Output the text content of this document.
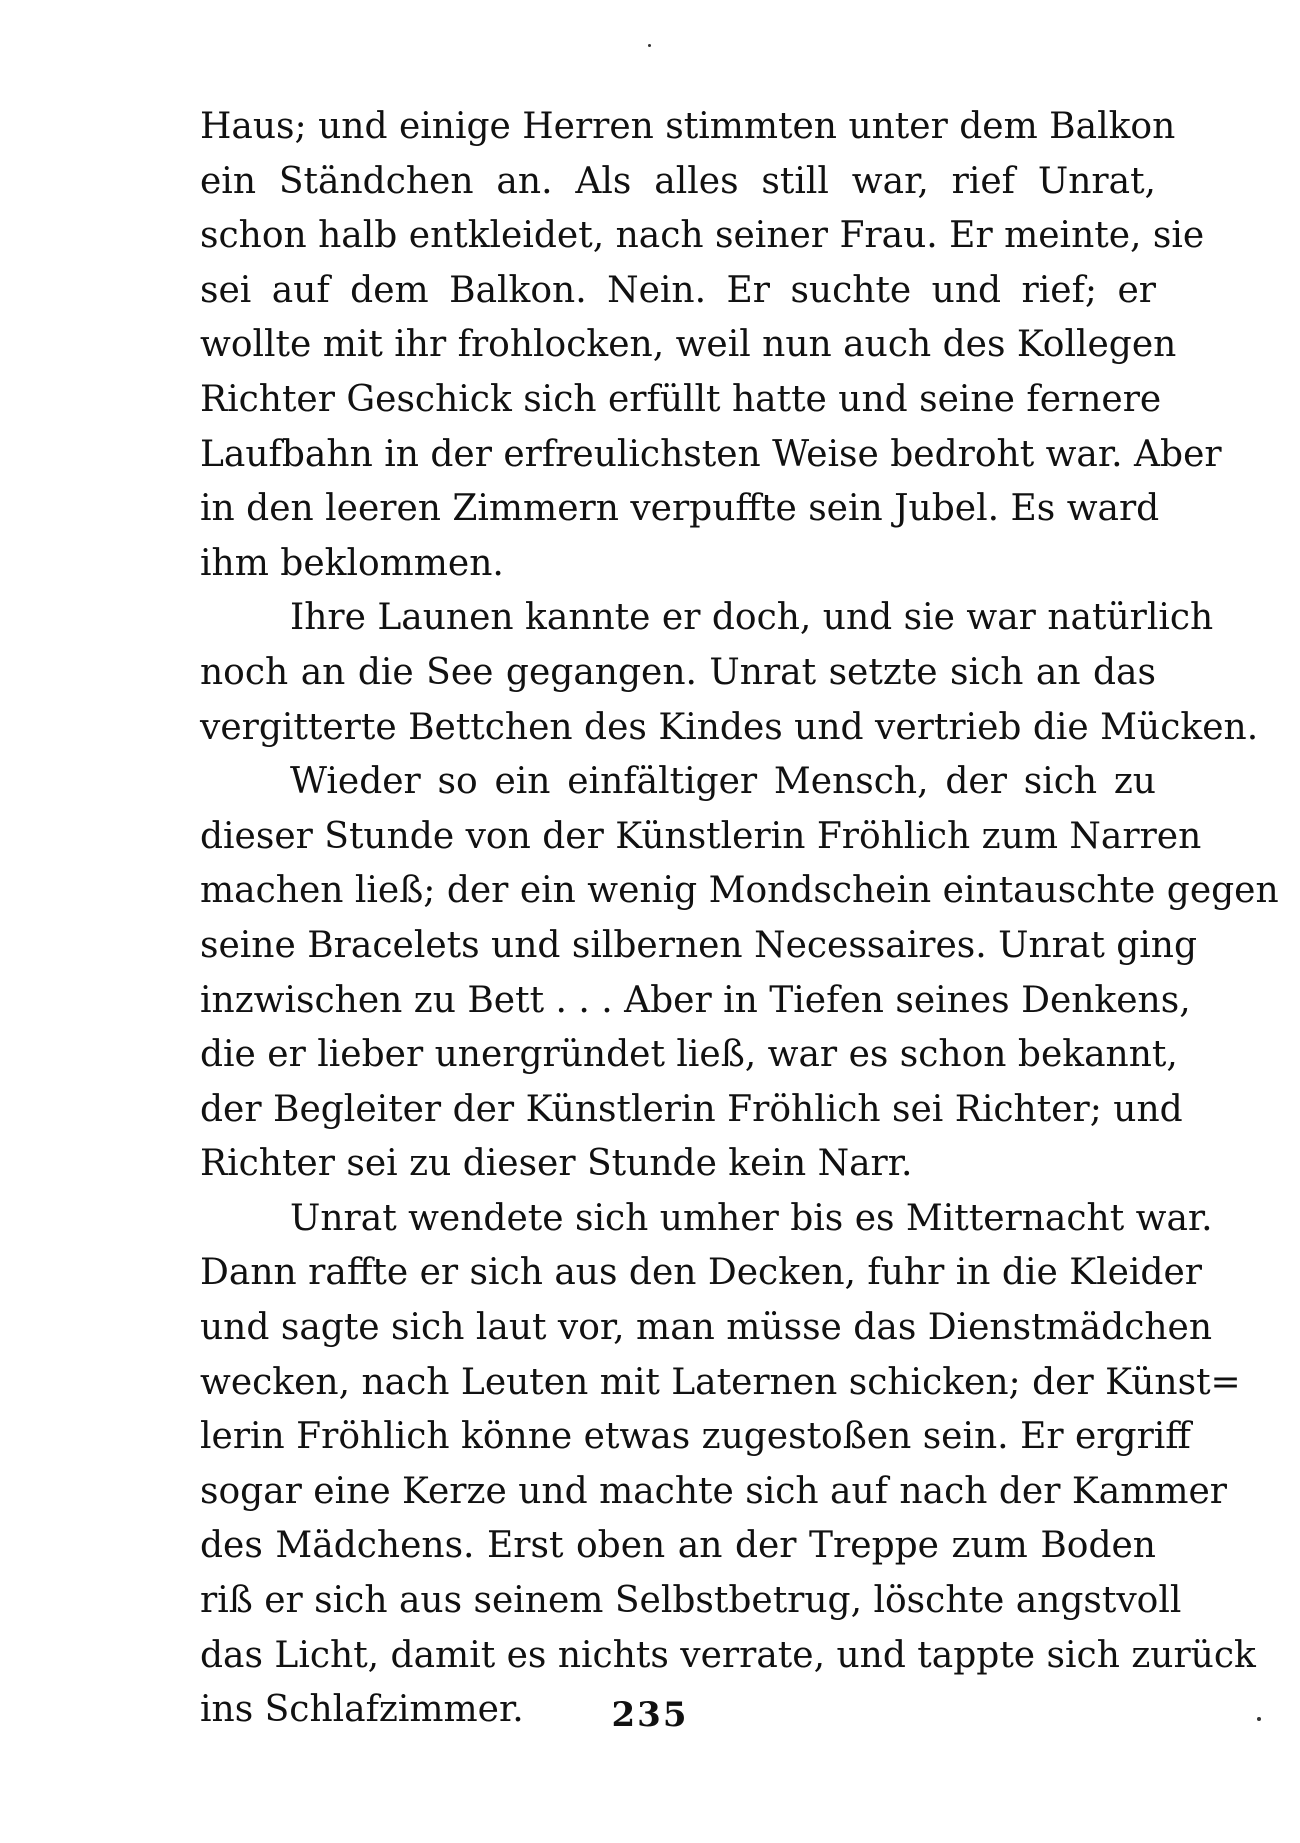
Haus; und einige Herren stimmten unter dem Balkon
ein Ständchen an. Als alles still war, rief Unrat,
schon halb entkleidet, nach seiner Frau. Er meinte, sie
sei auf dem Balkon. Nein. Er suchte und rief; er
wollte mit ihr frohlocken, weil nun auch des Kollegen
Richter Geschick sich erfüllt hatte und seine fernere
Laufbahn in der erfreulichsten Weise bedroht war. Aber
in den leeren Zimmern verpuffte sein Jubel. Es ward
ihm beklommen.
Ihre Launen kannte er doch, und sie war natürlich
noch an die See gegangen. Unrat setzte sich an das
vergitterte Bettchen des Kindes und vertrieb die Mücken.
Wieder so ein einfältiger Mensch, der sich zu
dieser Stunde von der Künstlerin Fröhlich zum Narren
machen ließ; der ein wenig Mondschein eintauschte gegen
seine Bracelets und silbernen Necessaires. Unrat ging
inzwischen zu Bett . . . Aber in Tiefen seines Denkens,
die er lieber unergründet ließ, war es schon bekannt,
der Begleiter der Künstlerin Fröhlich sei Richter; und
Richter sei zu dieser Stunde kein Narr.
Unrat wendete sich umher bis es Mitternacht war.
Dann raffte er sich aus den Decken, fuhr in die Kleider
und sagte sich laut vor, man müsse das Dienstmädchen
wecken, nach Leuten mit Laternen schicken; der Künst=
lerin Fröhlich könne etwas zugestoßen sein. Er ergriff
sogar eine Kerze und machte sich auf nach der Kammer
des Mädchens. Erst oben an der Treppe zum Boden
riß er sich aus seinem Selbstbetrug, löschte angstvoll
das Licht, damit es nichts verrate, und tappte sich zurück
ins Schlafzimmer.	235
